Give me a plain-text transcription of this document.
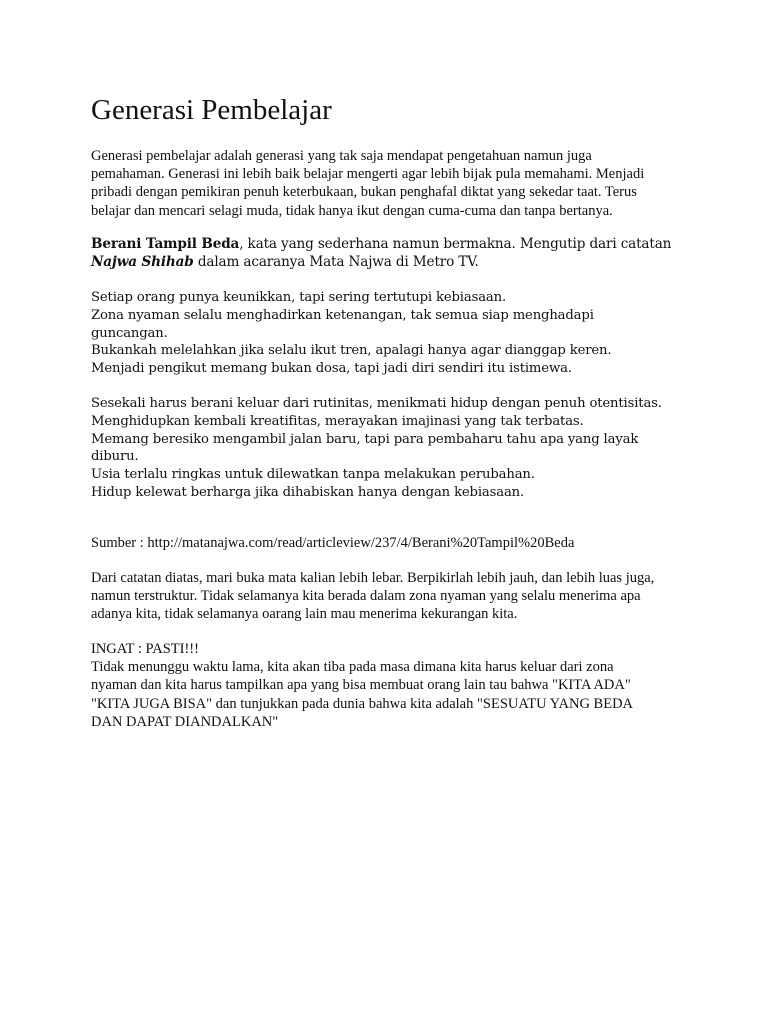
Generasi Pembelajar
Generasi pembelajar adalah generasi yang tak saja mendapat pengetahuan namun juga
pemahaman. Generasi ini lebih baik belajar mengerti agar lebih bijak pula memahami. Menjadi
pribadi dengan pemikiran penuh keterbukaan, bukan penghafal diktat yang sekedar taat. Terus
belajar dan mencari selagi muda, tidak hanya ikut dengan cuma-cuma dan tanpa bertanya.
Berani Tampil Beda, kata yang sederhana namun bermakna. Mengutip dari catatan
Najwa Shihab dalam acaranya Mata Najwa di Metro TV.
Setiap orang punya keunikkan, tapi sering tertutupi kebiasaan.
Zona nyaman selalu menghadirkan ketenangan, tak semua siap menghadapi
guncangan.
Bukankah melelahkan jika selalu ikut tren, apalagi hanya agar dianggap keren.
Menjadi pengikut memang bukan dosa, tapi jadi diri sendiri itu istimewa.
Sesekali harus berani keluar dari rutinitas, menikmati hidup dengan penuh otentisitas.
Menghidupkan kembali kreatifitas, merayakan imajinasi yang tak terbatas.
Memang beresiko mengambil jalan baru, tapi para pembaharu tahu apa yang layak
diburu.
Usia terlalu ringkas untuk dilewatkan tanpa melakukan perubahan.
Hidup kelewat berharga jika dihabiskan hanya dengan kebiasaan.
Sumber : http://matanajwa.com/read/articleview/237/4/Berani%20Tampil%20Beda
Dari catatan diatas, mari buka mata kalian lebih lebar. Berpikirlah lebih jauh, dan lebih luas juga,
namun terstruktur. Tidak selamanya kita berada dalam zona nyaman yang selalu menerima apa
adanya kita, tidak selamanya oarang lain mau menerima kekurangan kita.
INGAT : PASTI!!!
Tidak menunggu waktu lama, kita akan tiba pada masa dimana kita harus keluar dari zona
nyaman dan kita harus tampilkan apa yang bisa membuat orang lain tau bahwa "KITA ADA"
"KITA JUGA BISA" dan tunjukkan pada dunia bahwa kita adalah "SESUATU YANG BEDA
DAN DAPAT DIANDALKAN"
